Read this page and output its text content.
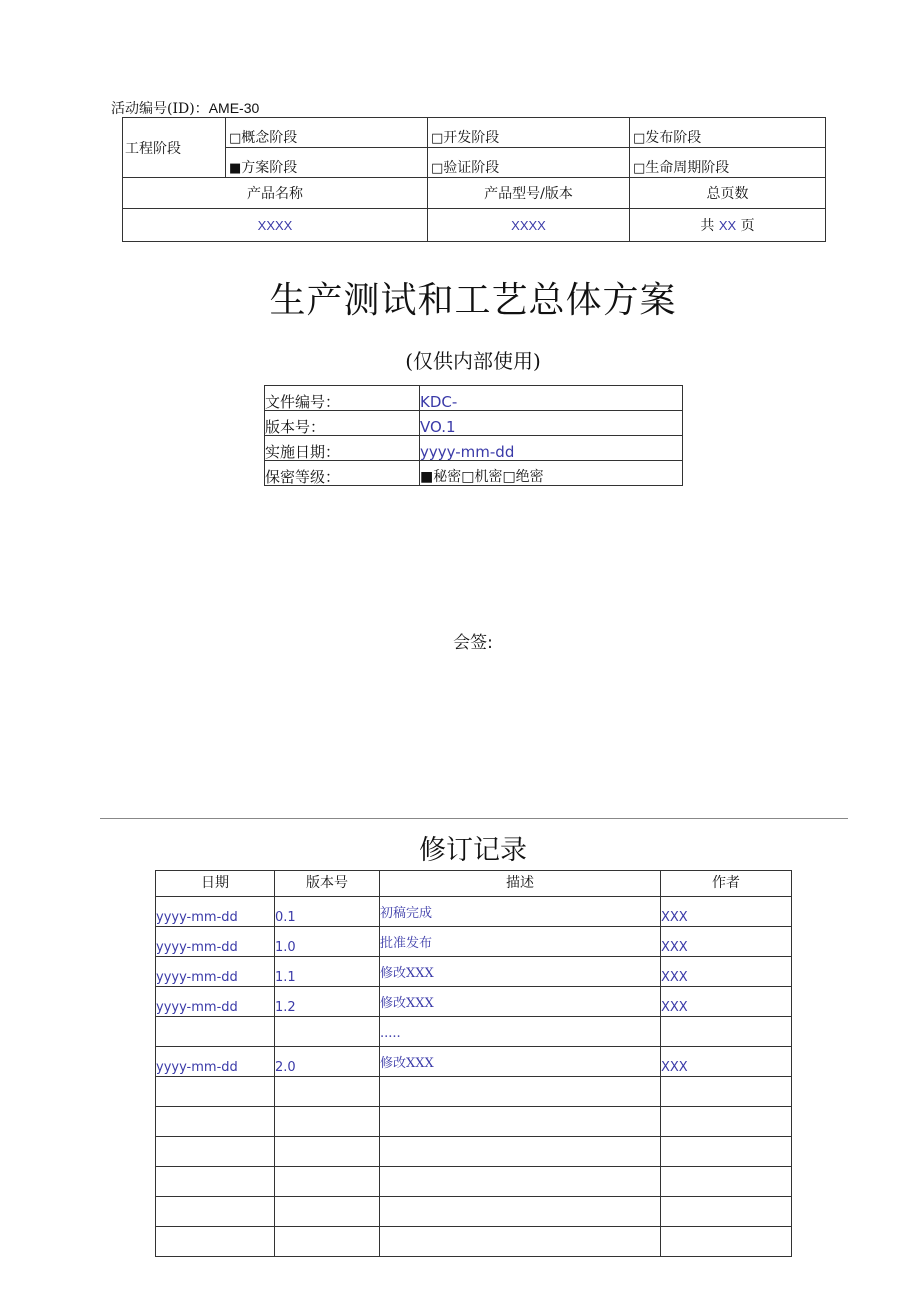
活动编号(ID)：AME-30
工程阶段	□概念阶段	□开发阶段	□发布阶段
	■方案阶段	□验证阶段	□生命周期阶段
产品名称		产品型号/版本	总页数
XXXX		XXXX	共 XX 页
生产测试和工艺总体方案
(仅供内部使用)
文件编号：	KDC-
版本号：	VO.1
实施日期：	yyyy-mm-dd
保密等级：	■秘密□机密□绝密
会签:
修订记录
日期	版本号	描述	作者
yyyy-mm-dd	0.1	初稿完成	XXX
yyyy-mm-dd	1.0	批准发布	XXX
yyyy-mm-dd	1.1	修改XXX	XXX
yyyy-mm-dd	1.2	修改XXX	XXX
		.....	
yyyy-mm-dd	2.0	修改XXX	XXX
